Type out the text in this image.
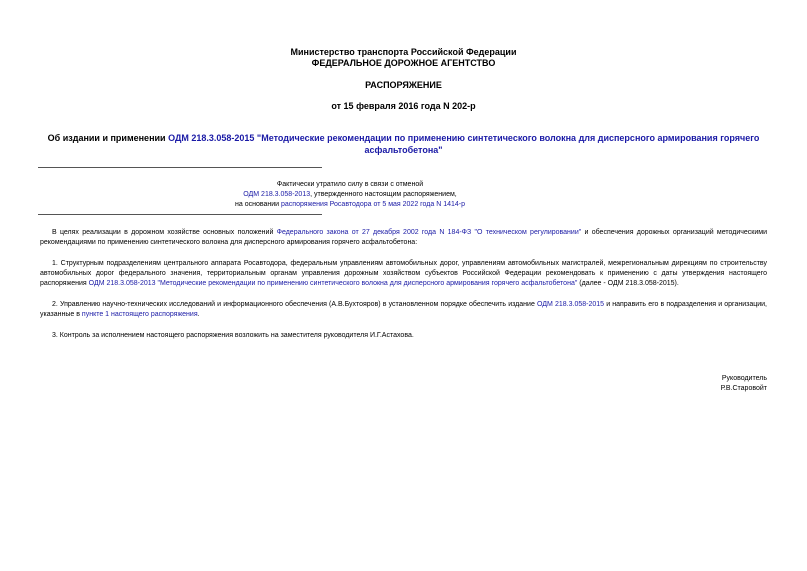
Министерство транспорта Российской Федерации
ФЕДЕРАЛЬНОЕ ДОРОЖНОЕ АГЕНТСТВО
РАСПОРЯЖЕНИЕ
от 15 февраля 2016 года N 202-р
Об издании и применении ОДМ 218.3.058-2015 "Методические рекомендации по применению синтетического волокна для дисперсного армирования горячего асфальтобетона"
Фактически утратило силу в связи с отменой
ОДМ 218.3.058-2013, утвержденного настоящим распоряжением,
на основании распоряжения Росавтодора от 5 мая 2022 года N 1414-р
В целях реализации в дорожном хозяйстве основных положений Федерального закона от 27 декабря 2002 года N 184-ФЗ "О техническом регулировании" и обеспечения дорожных организаций методическими рекомендациями по применению синтетического волокна для дисперсного армирования горячего асфальтобетона:
1. Структурным подразделениям центрального аппарата Росавтодора, федеральным управлениям автомобильных дорог, управлениям автомобильных магистралей, межрегиональным дирекциям по строительству автомобильных дорог федерального значения, территориальным органам управления дорожным хозяйством субъектов Российской Федерации рекомендовать к применению с даты утверждения настоящего распоряжения ОДМ 218.3.058-2013 "Методические рекомендации по применению синтетического волокна для дисперсного армирования горячего асфальтобетона" (далее - ОДМ 218.3.058-2015).
2. Управлению научно-технических исследований и информационного обеспечения (А.В.Бухтояров) в установленном порядке обеспечить издание ОДМ 218.3.058-2015 и направить его в подразделения и организации, указанные в пункте 1 настоящего распоряжения.
3. Контроль за исполнением настоящего распоряжения возложить на заместителя руководителя И.Г.Астахова.
Руководитель
Р.В.Старовойт
